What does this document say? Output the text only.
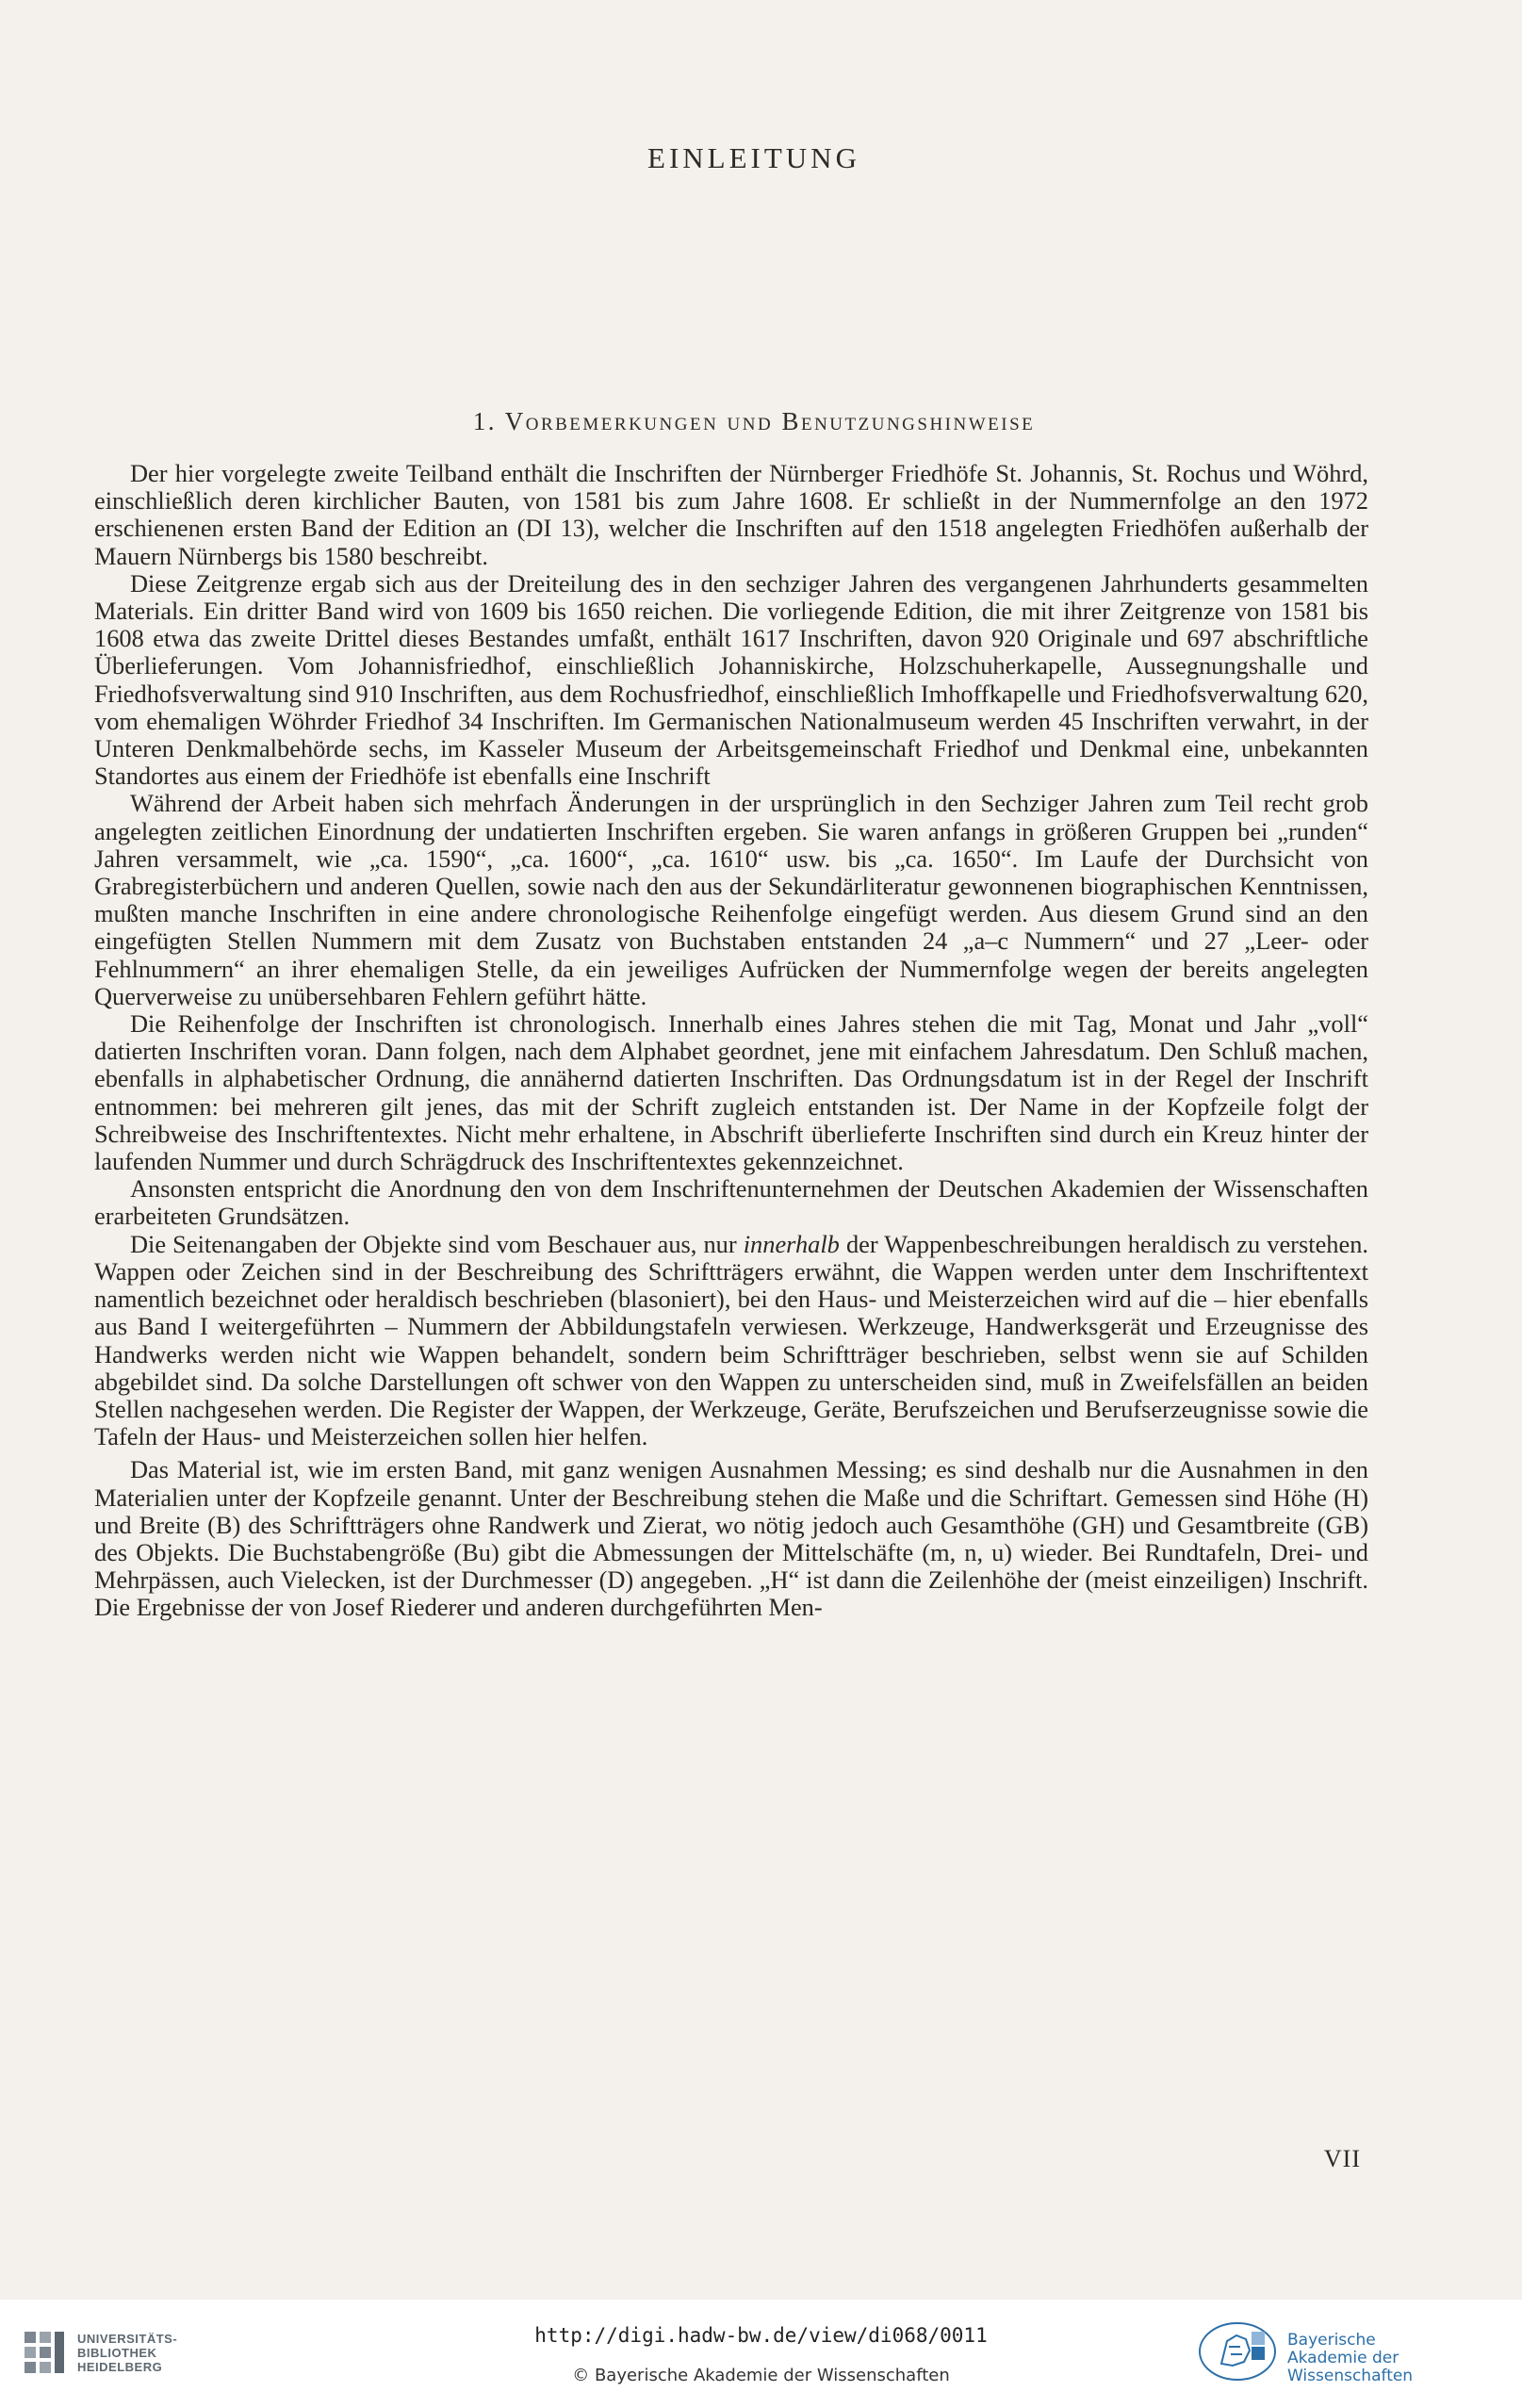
EINLEITUNG
1. Vorbemerkungen und Benutzungshinweise

Der hier vorgelegte zweite Teilband enthält die Inschriften der Nürnberger Friedhöfe St. Johannis, St. Rochus und Wöhrd, einschließlich deren kirchlicher Bauten, von 1581 bis zum Jahre 1608. Er schließt in der Nummernfolge an den 1972 erschienenen ersten Band der Edition an (DI 13), welcher die Inschriften auf den 1518 angelegten Friedhöfen außerhalb der Mauern Nürnbergs bis 1580 beschreibt.

Diese Zeitgrenze ergab sich aus der Dreiteilung des in den sechziger Jahren des vergangenen Jahrhunderts gesammelten Materials. Ein dritter Band wird von 1609 bis 1650 reichen. Die vorliegende Edition, die mit ihrer Zeitgrenze von 1581 bis 1608 etwa das zweite Drittel dieses Bestandes umfaßt, enthält 1617 Inschriften, davon 920 Originale und 697 abschriftliche Überlieferungen. Vom Johannisfriedhof, einschließlich Johanniskirche, Holzschuherkapelle, Aussegnungshalle und Friedhofsverwaltung sind 910 Inschriften, aus dem Rochusfriedhof, einschließlich Imhoffkapelle und Friedhofsverwaltung 620, vom ehemaligen Wöhrder Friedhof 34 Inschriften. Im Germanischen Nationalmuseum werden 45 Inschriften verwahrt, in der Unteren Denkmalbehörde sechs, im Kasseler Museum der Arbeitsgemeinschaft Friedhof und Denkmal eine, unbekannten Standortes aus einem der Friedhöfe ist ebenfalls eine Inschrift

Während der Arbeit haben sich mehrfach Änderungen in der ursprünglich in den Sechziger Jahren zum Teil recht grob angelegten zeitlichen Einordnung der undatierten Inschriften ergeben. Sie waren anfangs in größeren Gruppen bei „runden“ Jahren versammelt, wie „ca. 1590“, „ca. 1600“, „ca. 1610“ usw. bis „ca. 1650“. Im Laufe der Durchsicht von Grabregisterbüchern und anderen Quellen, sowie nach den aus der Sekundärliteratur gewonnenen biographischen Kenntnissen, mußten manche Inschriften in eine andere chronologische Reihenfolge eingefügt werden. Aus diesem Grund sind an den eingefügten Stellen Nummern mit dem Zusatz von Buchstaben entstanden 24 „a–c Nummern“ und 27 „Leer- oder Fehlnummern“ an ihrer ehemaligen Stelle, da ein jeweiliges Aufrücken der Nummernfolge wegen der bereits angelegten Querverweise zu unübersehbaren Fehlern geführt hätte.

Die Reihenfolge der Inschriften ist chronologisch. Innerhalb eines Jahres stehen die mit Tag, Monat und Jahr „voll“ datierten Inschriften voran. Dann folgen, nach dem Alphabet geordnet, jene mit einfachem Jahresdatum. Den Schluß machen, ebenfalls in alphabetischer Ordnung, die annähernd datierten Inschriften. Das Ordnungsdatum ist in der Regel der Inschrift entnommen: bei mehreren gilt jenes, das mit der Schrift zugleich entstanden ist. Der Name in der Kopfzeile folgt der Schreibweise des Inschriftentextes. Nicht mehr erhaltene, in Abschrift überlieferte Inschriften sind durch ein Kreuz hinter der laufenden Nummer und durch Schrägdruck des Inschriftentextes gekennzeichnet.

Ansonsten entspricht die Anordnung den von dem Inschriftenunternehmen der Deutschen Akademien der Wissenschaften erarbeiteten Grundsätzen.

Die Seitenangaben der Objekte sind vom Beschauer aus, nur innerhalb der Wappenbeschreibungen heraldisch zu verstehen. Wappen oder Zeichen sind in der Beschreibung des Schriftträgers erwähnt, die Wappen werden unter dem Inschriftentext namentlich bezeichnet oder heraldisch beschrieben (blasoniert), bei den Haus- und Meisterzeichen wird auf die – hier ebenfalls aus Band I weitergeführten – Nummern der Abbildungstafeln verwiesen. Werkzeuge, Handwerksgerät und Erzeugnisse des Handwerks werden nicht wie Wappen behandelt, sondern beim Schriftträger beschrieben, selbst wenn sie auf Schilden abgebildet sind. Da solche Darstellungen oft schwer von den Wappen zu unterscheiden sind, muß in Zweifelsfällen an beiden Stellen nachgesehen werden. Die Register der Wappen, der Werkzeuge, Geräte, Berufszeichen und Berufserzeugnisse sowie die Tafeln der Haus- und Meisterzeichen sollen hier helfen.

Das Material ist, wie im ersten Band, mit ganz wenigen Ausnahmen Messing; es sind deshalb nur die Ausnahmen in den Materialien unter der Kopfzeile genannt. Unter der Beschreibung stehen die Maße und die Schriftart. Gemessen sind Höhe (H) und Breite (B) des Schriftträgers ohne Randwerk und Zierat, wo nötig jedoch auch Gesamthöhe (GH) und Gesamtbreite (GB) des Objekts. Die Buchstabengröße (Bu) gibt die Abmessungen der Mittelschäfte (m, n, u) wieder. Bei Rundtafeln, Drei- und Mehrpässen, auch Vielecken, ist der Durchmesser (D) angegeben. „H“ ist dann die Zeilenhöhe der (meist einzeiligen) Inschrift. Die Ergebnisse der von Josef Riederer und anderen durchgeführten Men-

VII
UNIVERSITÄTS-
BIBLIOTHEK
HEIDELBERG
http://digi.hadw-bw.de/view/di068/0011
© Bayerische Akademie der Wissenschaften
Bayerische
Akademie der Wissenschaften
